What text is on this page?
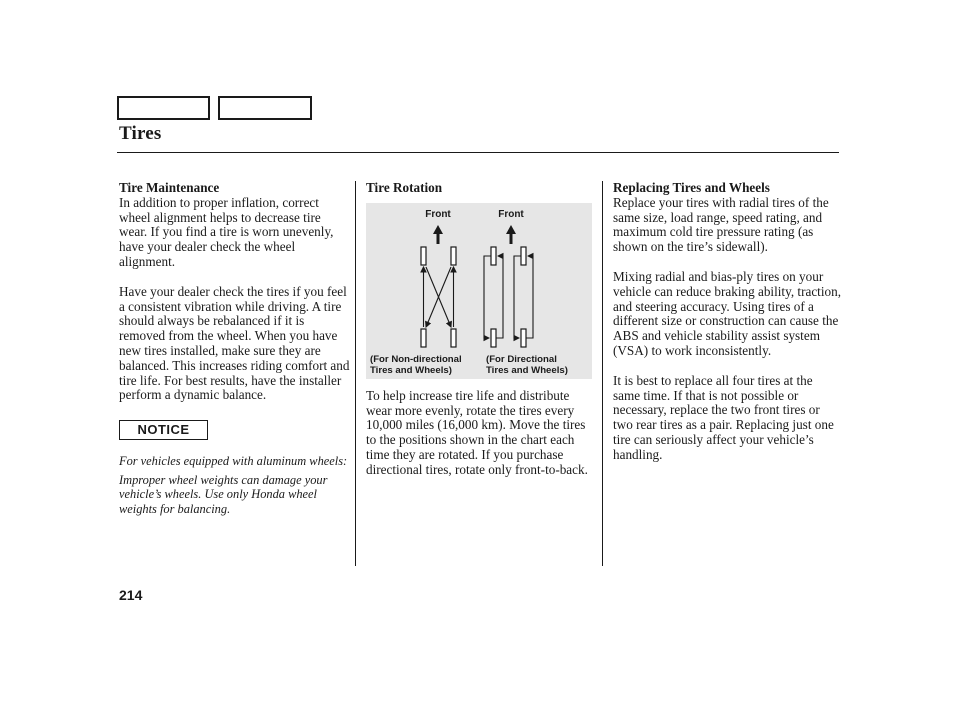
Tires
Tire Maintenance

In addition to proper inflation, correct wheel alignment helps to decrease tire wear. If you find a tire is worn unevenly, have your dealer check the wheel alignment.

Have your dealer check the tires if you feel a consistent vibration while driving. A tire should always be rebalanced if it is removed from the wheel. When you have new tires installed, make sure they are balanced. This increases riding comfort and tire life. For best results, have the installer perform a dynamic balance.

NOTICE

For vehicles equipped with aluminum wheels:

Improper wheel weights can damage your vehicle’s wheels. Use only Honda wheel weights for balancing.

Tire Rotation
Front	Front
(For Non-directional
Tires and Wheels)
(For Directional
Tires and Wheels)

To help increase tire life and distribute wear more evenly, rotate the tires every 10,000 miles (16,000 km). Move the tires to the positions shown in the chart each time they are rotated. If you purchase directional tires, rotate only front-to-back.

Replacing Tires and Wheels

Replace your tires with radial tires of the same size, load range, speed rating, and maximum cold tire pressure rating (as shown on the tire’s sidewall).

Mixing radial and bias-ply tires on your vehicle can reduce braking ability, traction, and steering accuracy. Using tires of a different size or construction can cause the ABS and vehicle stability assist system (VSA) to work inconsistently.

It is best to replace all four tires at the same time. If that is not possible or necessary, replace the two front tires or two rear tires as a pair. Replacing just one tire can seriously affect your vehicle’s handling.

214
